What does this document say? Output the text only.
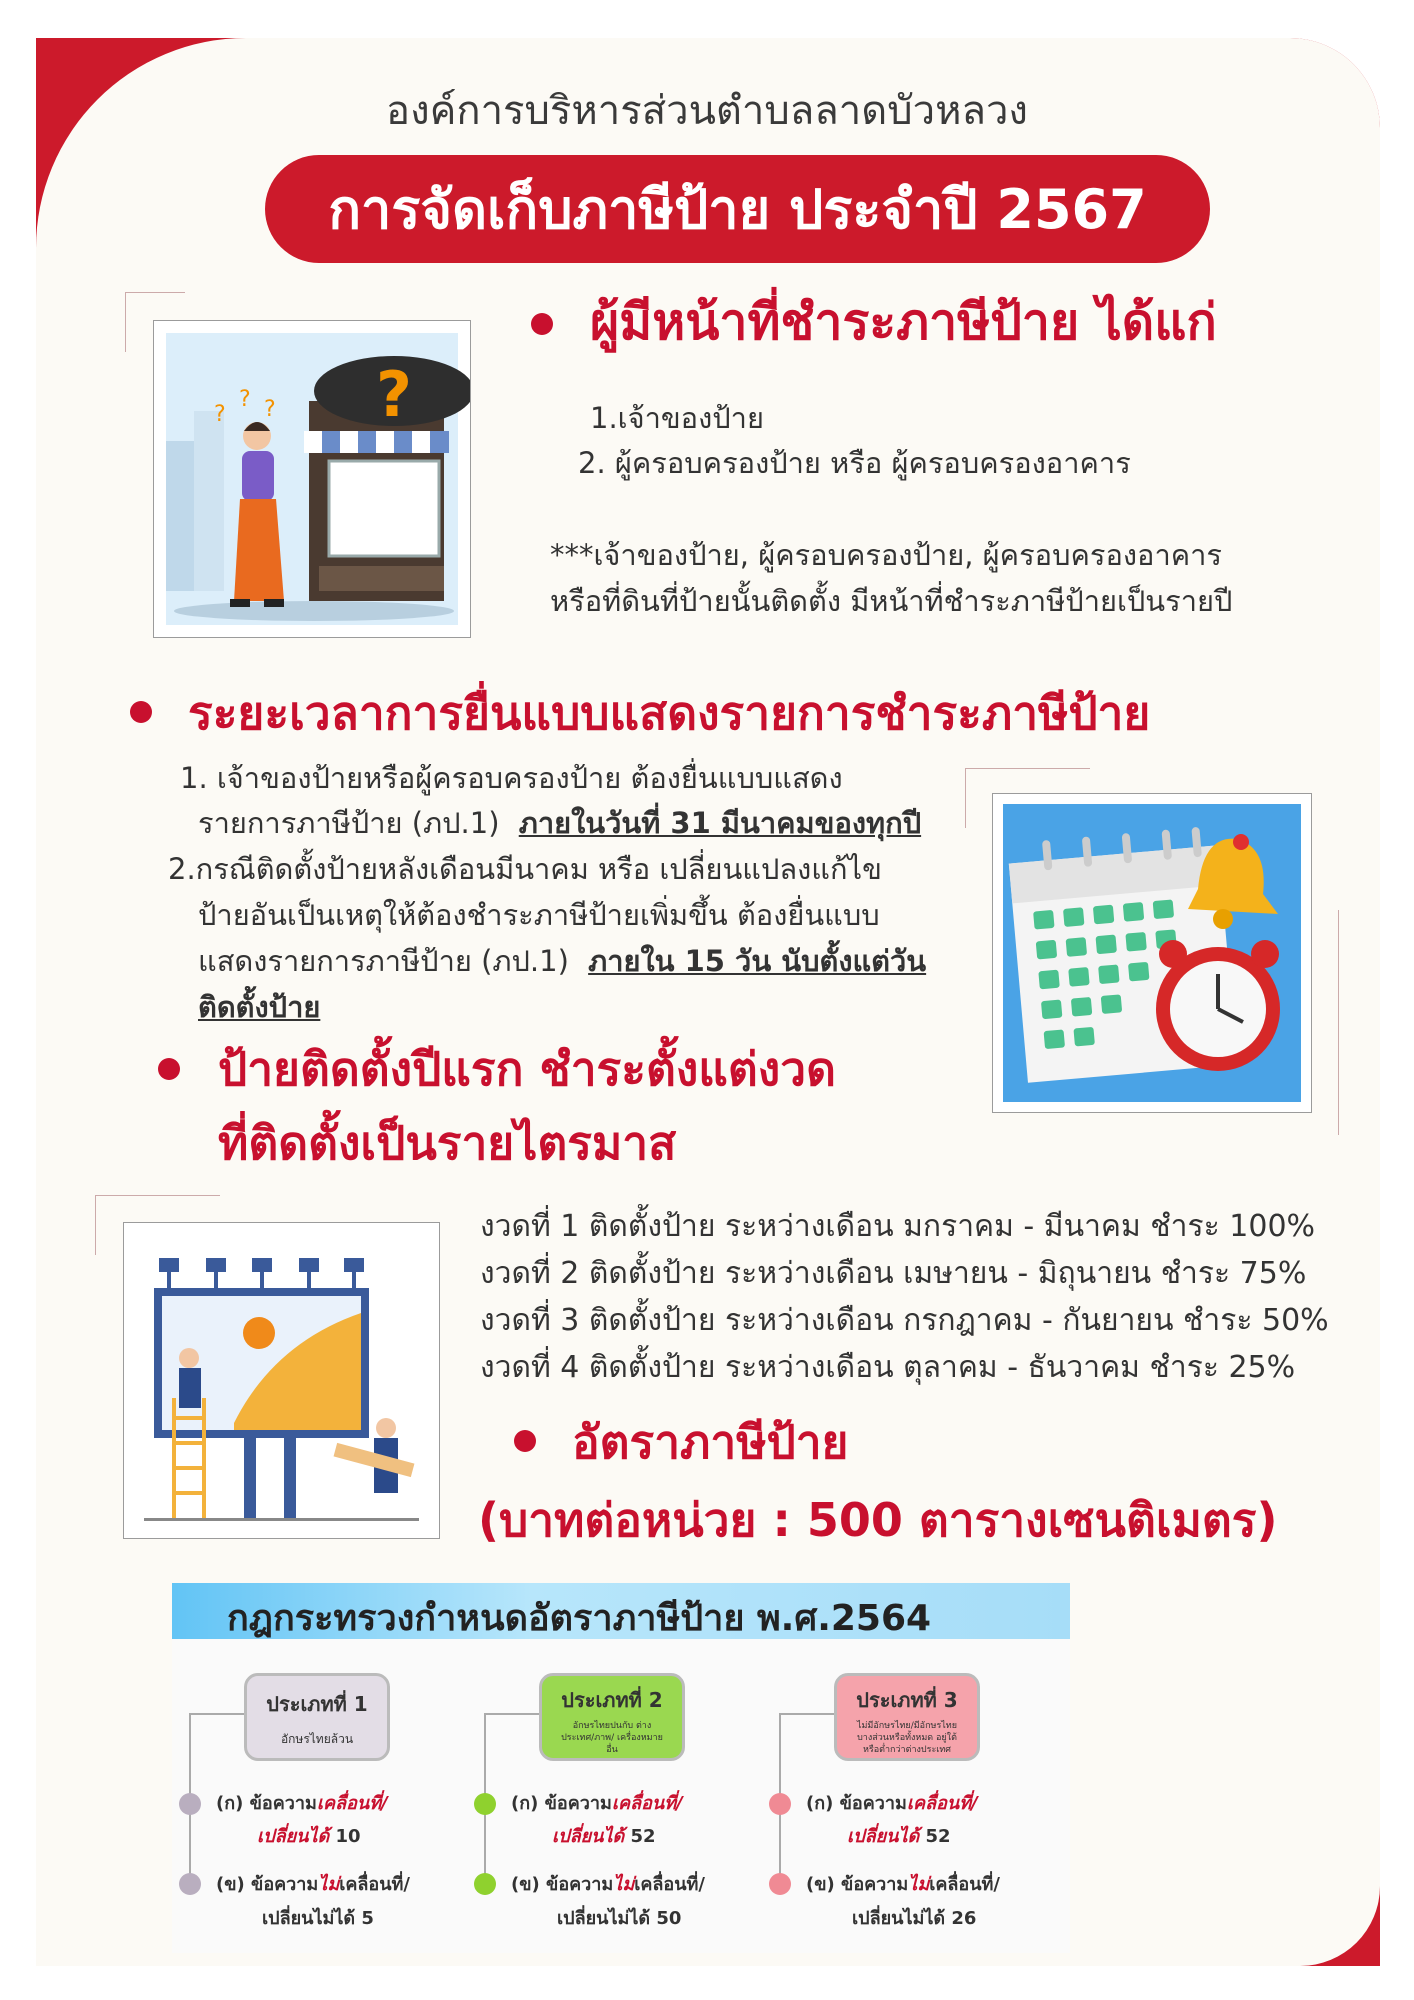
องค์การบริหารส่วนตำบลลาดบัวหลวง
การจัดเก็บภาษีป้าย ประจำปี 2567
?
?
? ?
ผู้มีหน้าที่ชำระภาษีป้าย ได้แก่
1.เจ้าของป้าย
2. ผู้ครอบครองป้าย หรือ ผู้ครอบครองอาคาร
***เจ้าของป้าย, ผู้ครอบครองป้าย, ผู้ครอบครองอาคาร
หรือที่ดินที่ป้ายนั้นติดตั้ง มีหน้าที่ชำระภาษีป้ายเป็นรายปี
ระยะเวลาการยื่นแบบแสดงรายการชำระภาษีป้าย
1. เจ้าของป้ายหรือผู้ครอบครองป้าย ต้องยื่นแบบแสดง
รายการภาษีป้าย (ภป.1) ภายในวันที่ 31 มีนาคมของทุกปี
2.กรณีติดตั้งป้ายหลังเดือนมีนาคม หรือ เปลี่ยนแปลงแก้ไข
ป้ายอันเป็นเหตุให้ต้องชำระภาษีป้ายเพิ่มขึ้น ต้องยื่นแบบ
แสดงรายการภาษีป้าย (ภป.1) ภายใน 15 วัน นับตั้งแต่วัน
ติดตั้งป้าย
ป้ายติดตั้งปีแรก ชำระตั้งแต่งวด
ที่ติดตั้งเป็นรายไตรมาส
งวดที่ 1 ติดตั้งป้าย ระหว่างเดือน มกราคม - มีนาคม ชำระ 100%
งวดที่ 2 ติดตั้งป้าย ระหว่างเดือน เมษายน - มิถุนายน ชำระ 75%
งวดที่ 3 ติดตั้งป้าย ระหว่างเดือน กรกฎาคม - กันยายน ชำระ 50%
งวดที่ 4 ติดตั้งป้าย ระหว่างเดือน ตุลาคม - ธันวาคม ชำระ 25%
อัตราภาษีป้าย
(บาทต่อหน่วย : 500 ตารางเซนติเมตร)
กฎกระทรวงกำหนดอัตราภาษีป้าย พ.ศ.2564
ประเภทที่ 1
อักษรไทยล้วน
(ก) ข้อความเคลื่อนที่/
เปลี่ยนได้ 10
(ข) ข้อความไม่เคลื่อนที่/
เปลี่ยนไม่ได้ 5
ประเภทที่ 2
อักษรไทยปนกับ ต่างประเทศ/ภาพ/ เครื่องหมายอื่น
(ก) ข้อความเคลื่อนที่/
เปลี่ยนได้ 52
(ข) ข้อความไม่เคลื่อนที่/
เปลี่ยนไม่ได้ 50
ประเภทที่ 3
ไม่มีอักษรไทย/มีอักษรไทย บางส่วนหรือทั้งหมด อยู่ใต้หรือต่ำกว่าต่างประเทศ
(ก) ข้อความเคลื่อนที่/
เปลี่ยนได้ 52
(ข) ข้อความไม่เคลื่อนที่/
เปลี่ยนไม่ได้ 26
